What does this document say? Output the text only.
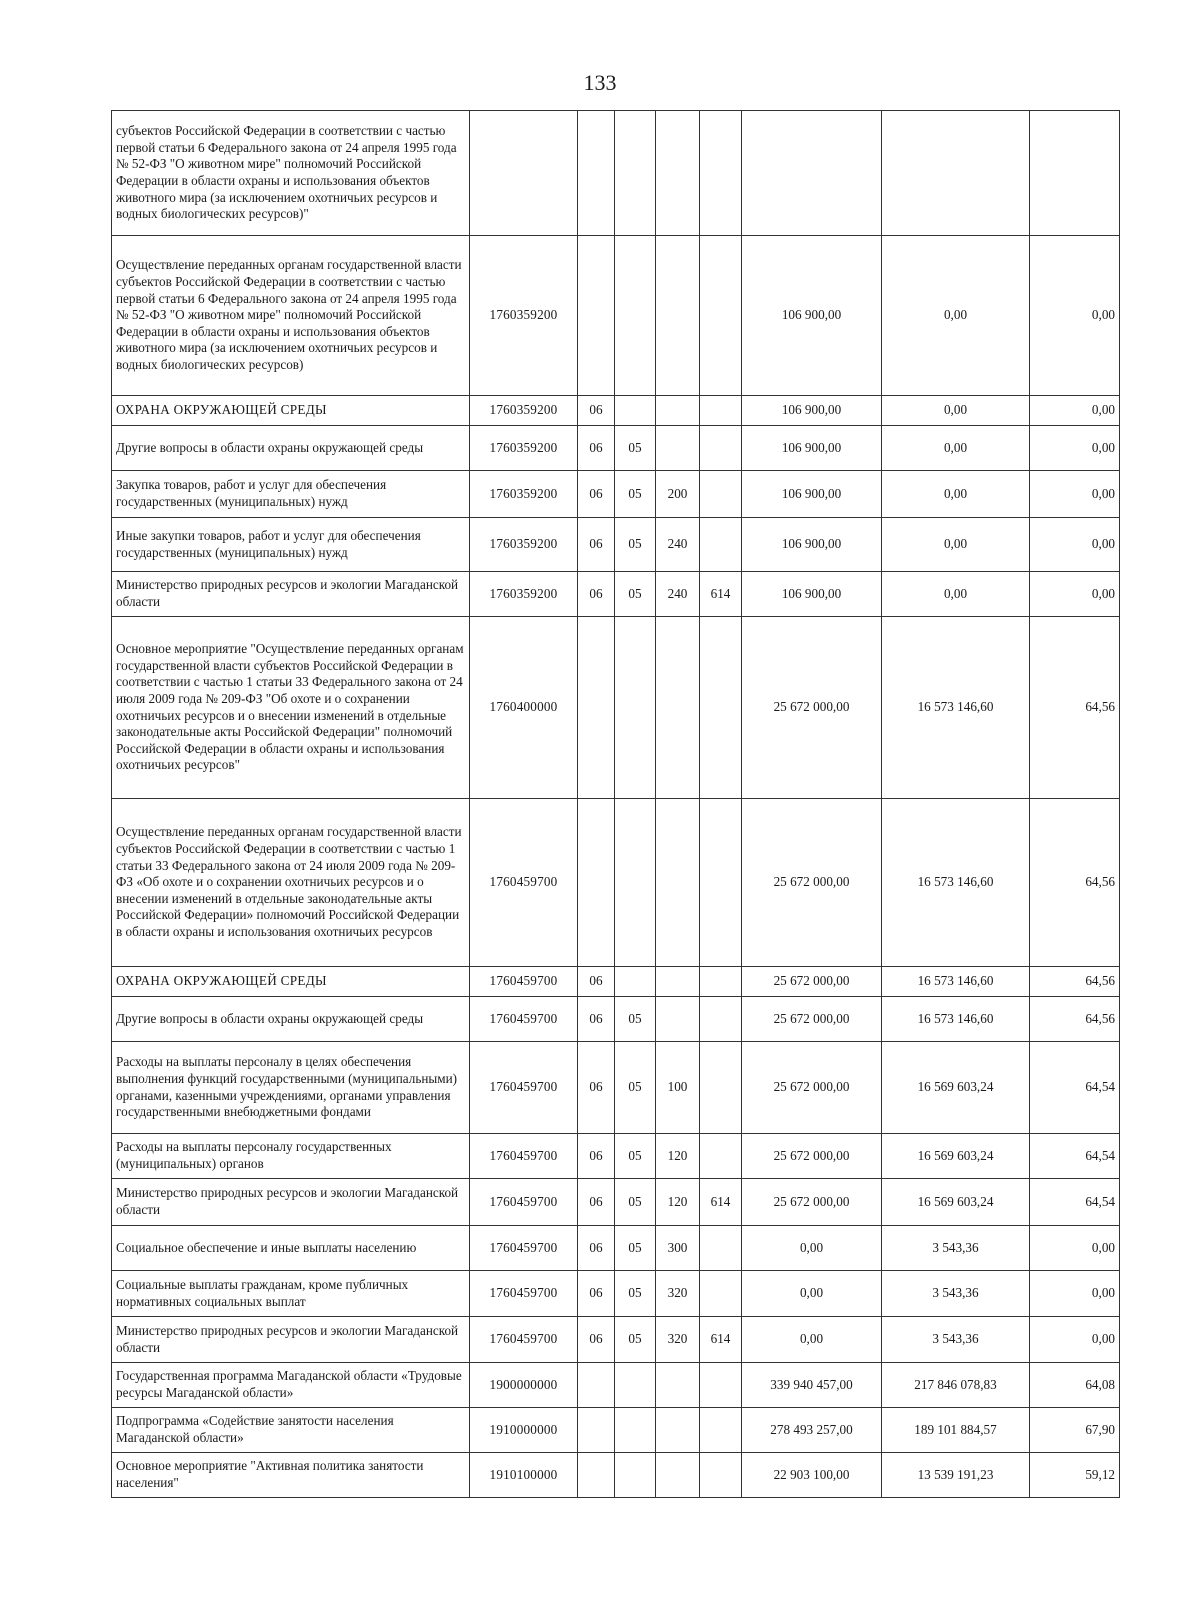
133
субъектов Российской Федерации в соответствии с частью первой статьи 6 Федерального закона от 24 апреля 1995 года № 52-ФЗ "О животном мире" полномочий Российской Федерации в области охраны и использования объектов животного мира (за исключением охотничьих ресурсов и водных биологических ресурсов)"								
Осуществление переданных органам государственной власти субъектов Российской Федерации в соответствии с частью первой статьи 6 Федерального закона от 24 апреля 1995 года № 52-ФЗ "О животном мире" полномочий Российской Федерации в области охраны и использования объектов животного мира (за исключением охотничьих ресурсов и водных биологических ресурсов)	1760359200					106 900,00	0,00	0,00
ОХРАНА ОКРУЖАЮЩЕЙ СРЕДЫ	1760359200	06				106 900,00	0,00	0,00
Другие вопросы в области охраны окружающей среды	1760359200	06	05			106 900,00	0,00	0,00
Закупка товаров, работ и услуг для обеспечения государственных (муниципальных) нужд	1760359200	06	05	200		106 900,00	0,00	0,00
Иные закупки товаров, работ и услуг для обеспечения государственных (муниципальных) нужд	1760359200	06	05	240		106 900,00	0,00	0,00
Министерство природных ресурсов и экологии Магаданской области	1760359200	06	05	240	614	106 900,00	0,00	0,00
Основное мероприятие "Осуществление переданных органам государственной власти субъектов Российской Федерации в соответствии с частью 1 статьи 33 Федерального закона от 24 июля 2009 года № 209-ФЗ "Об охоте и о сохранении охотничьих ресурсов и о внесении изменений в отдельные законодательные акты Российской Федерации" полномочий Российской Федерации в области охраны и использования охотничьих ресурсов"	1760400000					25 672 000,00	16 573 146,60	64,56
Осуществление переданных органам государственной власти субъектов Российской Федерации в соответствии с частью 1 статьи 33 Федерального закона от 24 июля 2009 года № 209-ФЗ «Об охоте и о сохранении охотничьих ресурсов и о внесении изменений в отдельные законодательные акты Российской Федерации» полномочий Российской Федерации в области охраны и использования охотничьих ресурсов	1760459700					25 672 000,00	16 573 146,60	64,56
ОХРАНА ОКРУЖАЮЩЕЙ СРЕДЫ	1760459700	06				25 672 000,00	16 573 146,60	64,56
Другие вопросы в области охраны окружающей среды	1760459700	06	05			25 672 000,00	16 573 146,60	64,56
Расходы на выплаты персоналу в целях обеспечения выполнения функций государственными (муниципальными) органами, казенными учреждениями, органами управления государственными внебюджетными фондами	1760459700	06	05	100		25 672 000,00	16 569 603,24	64,54
Расходы на выплаты персоналу государственных (муниципальных) органов	1760459700	06	05	120		25 672 000,00	16 569 603,24	64,54
Министерство природных ресурсов и экологии Магаданской области	1760459700	06	05	120	614	25 672 000,00	16 569 603,24	64,54
Социальное обеспечение и иные выплаты населению	1760459700	06	05	300		0,00	3 543,36	0,00
Социальные выплаты гражданам, кроме публичных нормативных социальных выплат	1760459700	06	05	320		0,00	3 543,36	0,00
Министерство природных ресурсов и экологии Магаданской области	1760459700	06	05	320	614	0,00	3 543,36	0,00
Государственная программа Магаданской области «Трудовые ресурсы Магаданской области»	1900000000					339 940 457,00	217 846 078,83	64,08
Подпрограмма «Содействие занятости населения Магаданской области»	1910000000					278 493 257,00	189 101 884,57	67,90
Основное мероприятие "Активная политика занятости населения"	1910100000					22 903 100,00	13 539 191,23	59,12
